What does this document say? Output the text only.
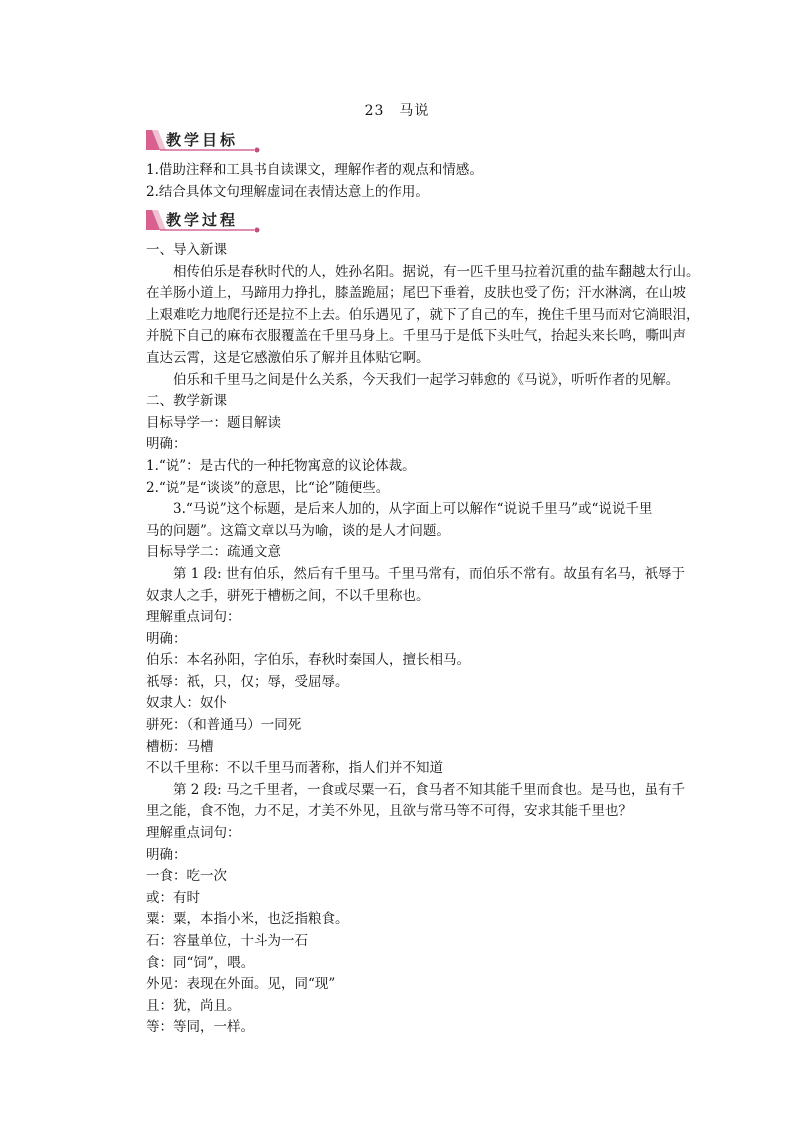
23　马说
教学目标
1.借助注释和工具书自读课文，理解作者的观点和情感。
2.结合具体文句理解虚词在表情达意上的作用。
教学过程
一、导入新课
　　相传伯乐是春秋时代的人，姓孙名阳。据说，有一匹千里马拉着沉重的盐车翻越太行山。
在羊肠小道上，马蹄用力挣扎，膝盖跪屈；尾巴下垂着，皮肤也受了伤；汗水淋漓，在山坡
上艰难吃力地爬行还是拉不上去。伯乐遇见了，就下了自己的车，挽住千里马而对它淌眼泪，
并脱下自己的麻布衣服覆盖在千里马身上。千里马于是低下头吐气，抬起头来长鸣，嘶叫声
直达云霄，这是它感激伯乐了解并且体贴它啊。
　　伯乐和千里马之间是什么关系，今天我们一起学习韩愈的《马说》，听听作者的见解。
二、教学新课
目标导学一：题目解读
明确：
1.“说”：是古代的一种托物寓意的议论体裁。
2.“说”是“谈谈”的意思，比“论”随便些。
　　3.“马说”这个标题，是后来人加的，从字面上可以解作“说说千里马”或“说说千里
马的问题”。这篇文章以马为喻，谈的是人才问题。
目标导学二：疏通文意
　　第 1 段: 世有伯乐，然后有千里马。千里马常有，而伯乐不常有。故虽有名马，祇辱于
奴隶人之手，骈死于槽枥之间，不以千里称也。
理解重点词句：
明确：
伯乐：本名孙阳，字伯乐，春秋时秦国人，擅长相马。
祇辱：祇，只，仅；辱，受屈辱。
奴隶人：奴仆
骈死：（和普通马）一同死
槽枥：马槽
不以千里称：不以千里马而著称，指人们并不知道
　　第 2 段: 马之千里者，一食或尽粟一石，食马者不知其能千里而食也。是马也，虽有千
里之能，食不饱，力不足，才美不外见，且欲与常马等不可得，安求其能千里也？
理解重点词句：
明确：
一食：吃一次
或：有时
粟：粟，本指小米，也泛指粮食。
石：容量单位，十斗为一石
食：同“饲”，喂。
外见：表现在外面。见，同“现”
且：犹，尚且。
等：等同，一样。
